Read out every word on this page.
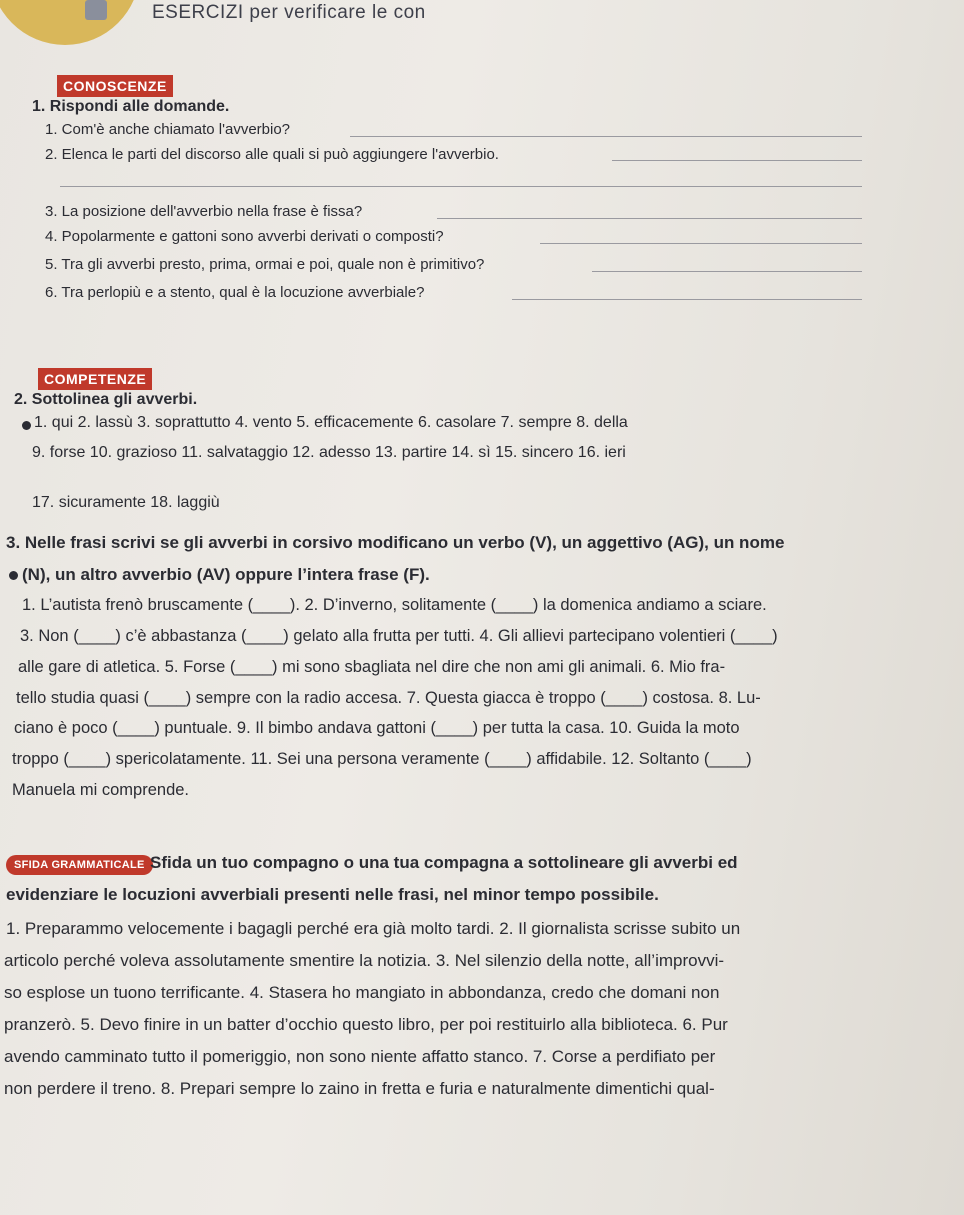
ESERCIZI per verificare le con
CONOSCENZE
1. Rispondi alle domande.
1. Com'è anche chiamato l'avverbio?
2. Elenca le parti del discorso alle quali si può aggiungere l'avverbio.
3. La posizione dell'avverbio nella frase è fissa?
4. Popolarmente e gattoni sono avverbi derivati o composti?
5. Tra gli avverbi presto, prima, ormai e poi, quale non è primitivo?
6. Tra perlopiù e a stento, qual è la locuzione avverbiale?
COMPETENZE
2. Sottolinea gli avverbi.
1. qui 2. lassù 3. soprattutto 4. vento 5. efficacemente 6. casolare 7. sempre 8. della
9. forse 10. grazioso 11. salvataggio 12. adesso 13. partire 14. sì 15. sincero 16. ieri
17. sicuramente 18. laggiù
3. Nelle frasi scrivi se gli avverbi in corsivo modificano un verbo (V), un aggettivo (AG), un nome
(N), un altro avverbio (AV) oppure l’intera frase (F).
1. L’autista frenò bruscamente (____). 2. D’inverno, solitamente (____) la domenica andiamo a sciare.
3. Non (____) c’è abbastanza (____) gelato alla frutta per tutti. 4. Gli allievi partecipano volentieri (____)
alle gare di atletica. 5. Forse (____) mi sono sbagliata nel dire che non ami gli animali. 6. Mio fra-
tello studia quasi (____) sempre con la radio accesa. 7. Questa giacca è troppo (____) costosa. 8. Lu-
ciano è poco (____) puntuale. 9. Il bimbo andava gattoni (____) per tutta la casa. 10. Guida la moto
troppo (____) spericolatamente. 11. Sei una persona veramente (____) affidabile. 12. Soltanto (____)
Manuela mi comprende.
SFIDA GRAMMATICALE Sfida un tuo compagno o una tua compagna a sottolineare gli avverbi ed
evidenziare le locuzioni avverbiali presenti nelle frasi, nel minor tempo possibile.
1. Preparammo velocemente i bagagli perché era già molto tardi. 2. Il giornalista scrisse subito un
articolo perché voleva assolutamente smentire la notizia. 3. Nel silenzio della notte, all’improvvi-
so esplose un tuono terrificante. 4. Stasera ho mangiato in abbondanza, credo che domani non
pranzerò. 5. Devo finire in un batter d’occhio questo libro, per poi restituirlo alla biblioteca. 6. Pur
avendo camminato tutto il pomeriggio, non sono niente affatto stanco. 7. Corse a perdifiato per
non perdere il treno. 8. Prepari sempre lo zaino in fretta e furia e naturalmente dimentichi qual-
